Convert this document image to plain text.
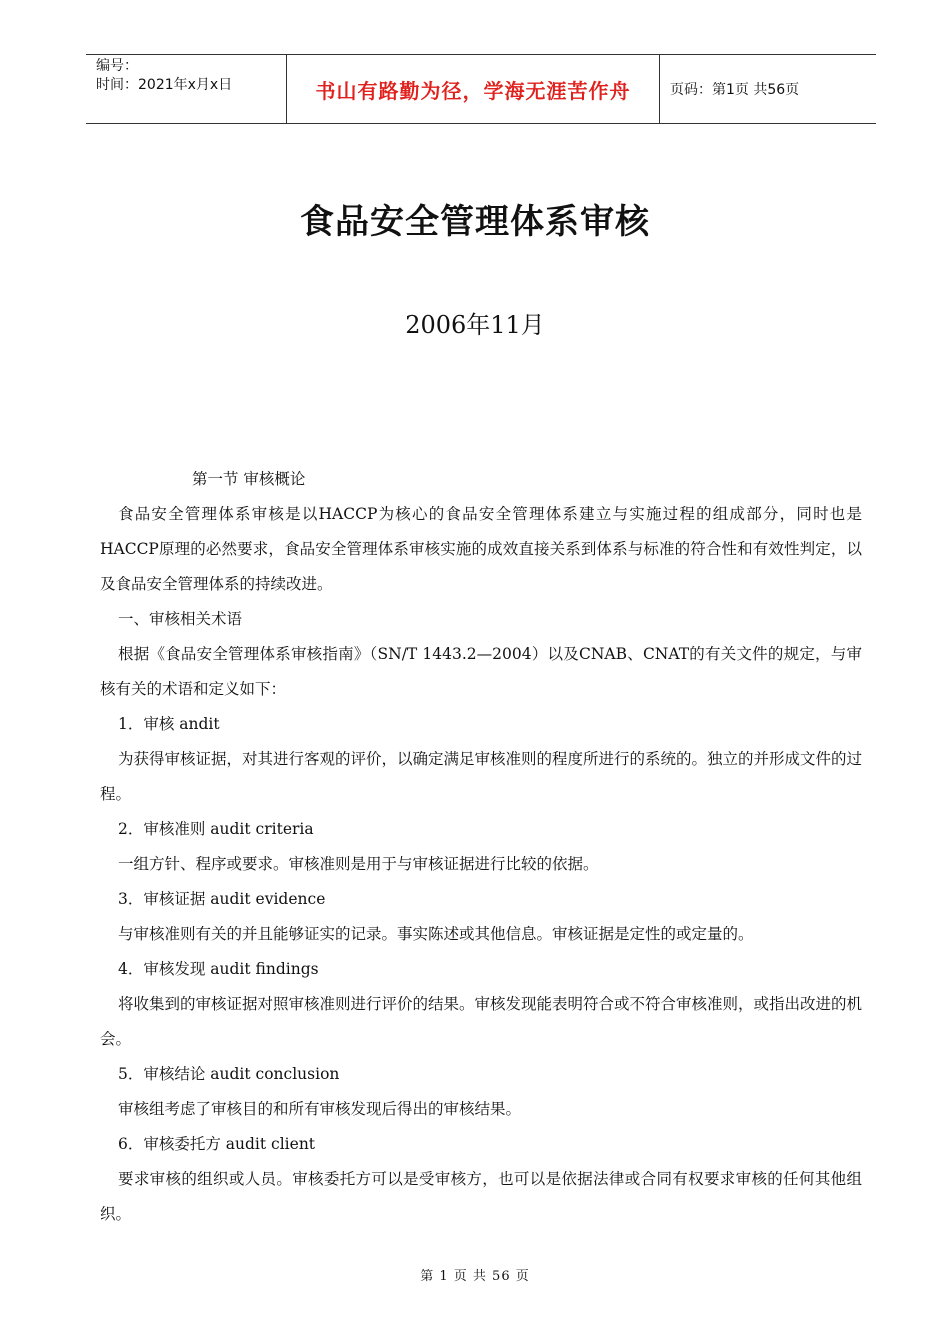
编号：
时间：2021年x月x日	书山有路勤为径，学海无涯苦作舟	页码：第1页 共56页
食品安全管理体系审核
2006年11月

第一节 审核概论

食品安全管理体系审核是以HACCP为核心的食品安全管理体系建立与实施过程的组成部分，同时也是HACCP原理的必然要求，食品安全管理体系审核实施的成效直接关系到体系与标准的符合性和有效性判定，以及食品安全管理体系的持续改进。

一、审核相关术语

根据《食品安全管理体系审核指南》（SN/T 1443.2—2004）以及CNAB、CNAT的有关文件的规定，与审核有关的术语和定义如下：

1．审核 andit

为获得审核证据，对其进行客观的评价，以确定满足审核准则的程度所进行的系统的。独立的并形成文件的过程。

2．审核准则 audit criteria

一组方针、程序或要求。审核准则是用于与审核证据进行比较的依据。

3．审核证据 audit evidence

与审核准则有关的并且能够证实的记录。事实陈述或其他信息。审核证据是定性的或定量的。

4．审核发现 audit findings

将收集到的审核证据对照审核准则进行评价的结果。审核发现能表明符合或不符合审核准则，或指出改进的机会。

5．审核结论 audit conclusion

审核组考虑了审核目的和所有审核发现后得出的审核结果。

6．审核委托方 audit client

要求审核的组织或人员。审核委托方可以是受审核方，也可以是依据法律或合同有权要求审核的任何其他组织。

第 1 页 共 56 页
